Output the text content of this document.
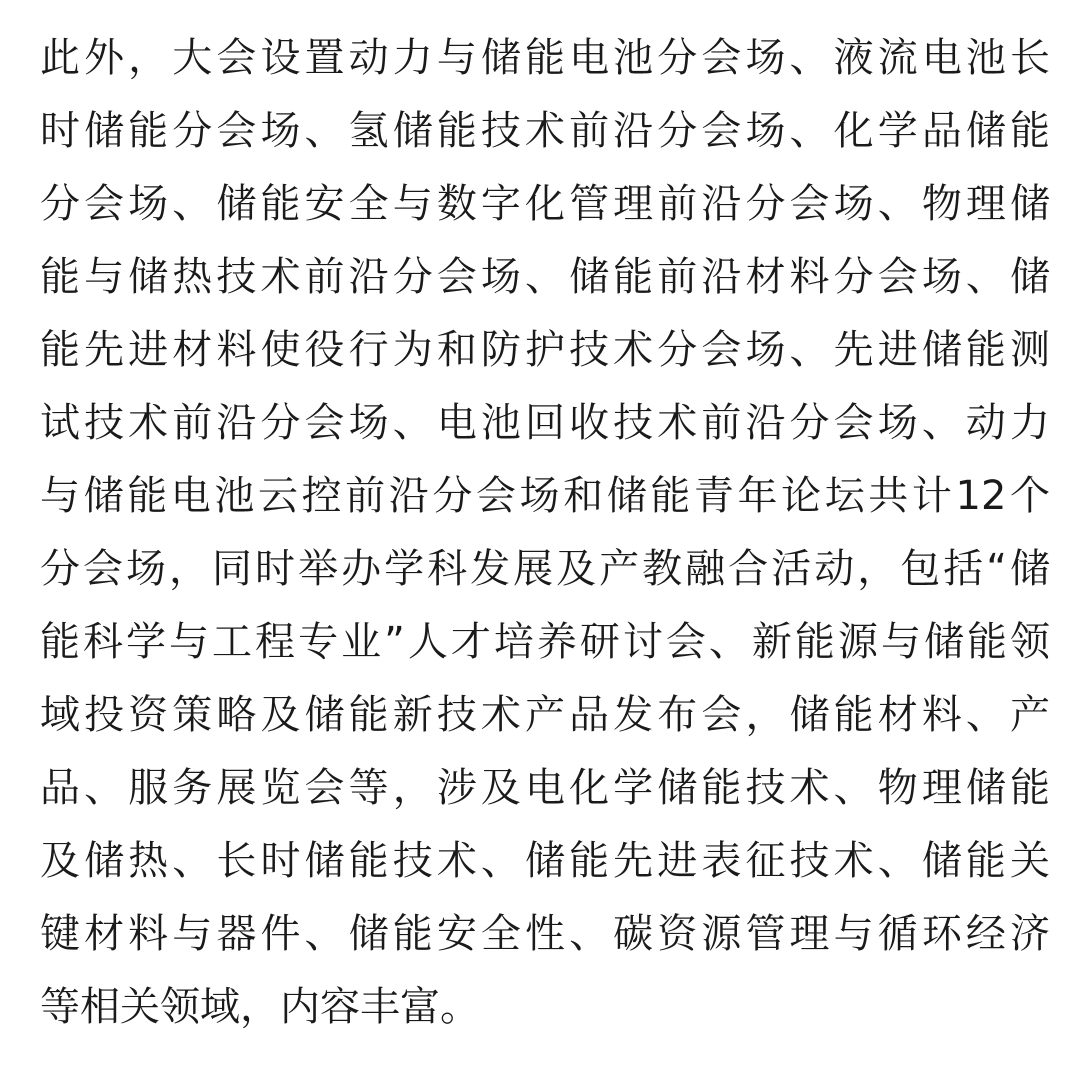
此外，大会设置动力与储能电池分会场、液流电池长
时储能分会场、氢储能技术前沿分会场、化学品储能
分会场、储能安全与数字化管理前沿分会场、物理储
能与储热技术前沿分会场、储能前沿材料分会场、储
能先进材料使役行为和防护技术分会场、先进储能测
试技术前沿分会场、电池回收技术前沿分会场、动力
与储能电池云控前沿分会场和储能青年论坛共计12个
分会场，同时举办学科发展及产教融合活动，包括“储
能科学与工程专业”人才培养研讨会、新能源与储能领
域投资策略及储能新技术产品发布会，储能材料、产
品、服务展览会等，涉及电化学储能技术、物理储能
及储热、长时储能技术、储能先进表征技术、储能关
键材料与器件、储能安全性、碳资源管理与循环经济
等相关领域，内容丰富。
